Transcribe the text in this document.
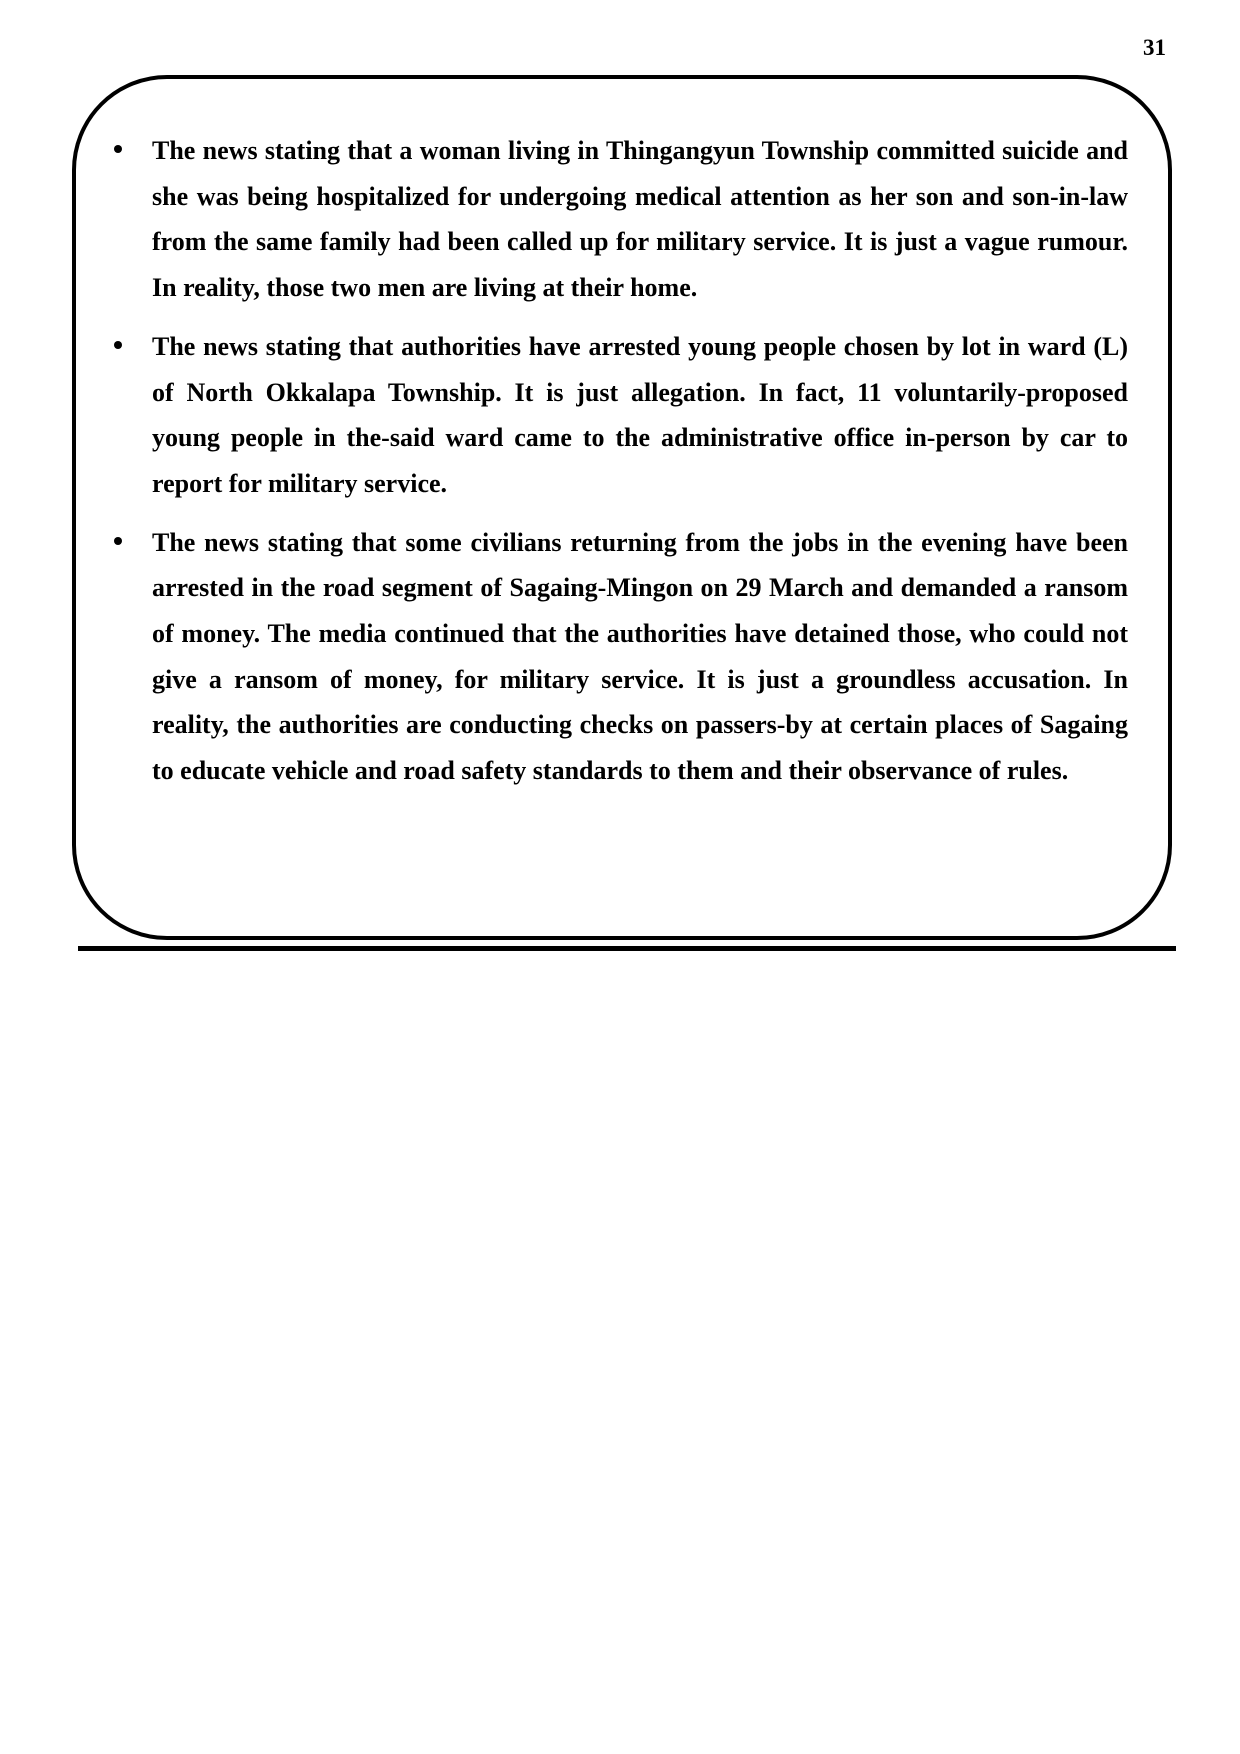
31
The news stating that a woman living in Thingangyun Township committed suicide and she was being hospitalized for undergoing medical attention as her son and son-in-law from the same family had been called up for military service. It is just a vague rumour. In reality, those two men are living at their home.
The news stating that authorities have arrested young people chosen by lot in ward (L) of North Okkalapa Township. It is just allegation. In fact, 11 voluntarily-proposed young people in the-said ward came to the administrative office in-person by car to report for military service.
The news stating that some civilians returning from the jobs in the evening have been arrested in the road segment of Sagaing-Mingon on 29 March and demanded a ransom of money. The media continued that the authorities have detained those, who could not give a ransom of money, for military service. It is just a groundless accusation. In reality, the authorities are conducting checks on passers-by at certain places of Sagaing to educate vehicle and road safety standards to them and their observance of rules.
